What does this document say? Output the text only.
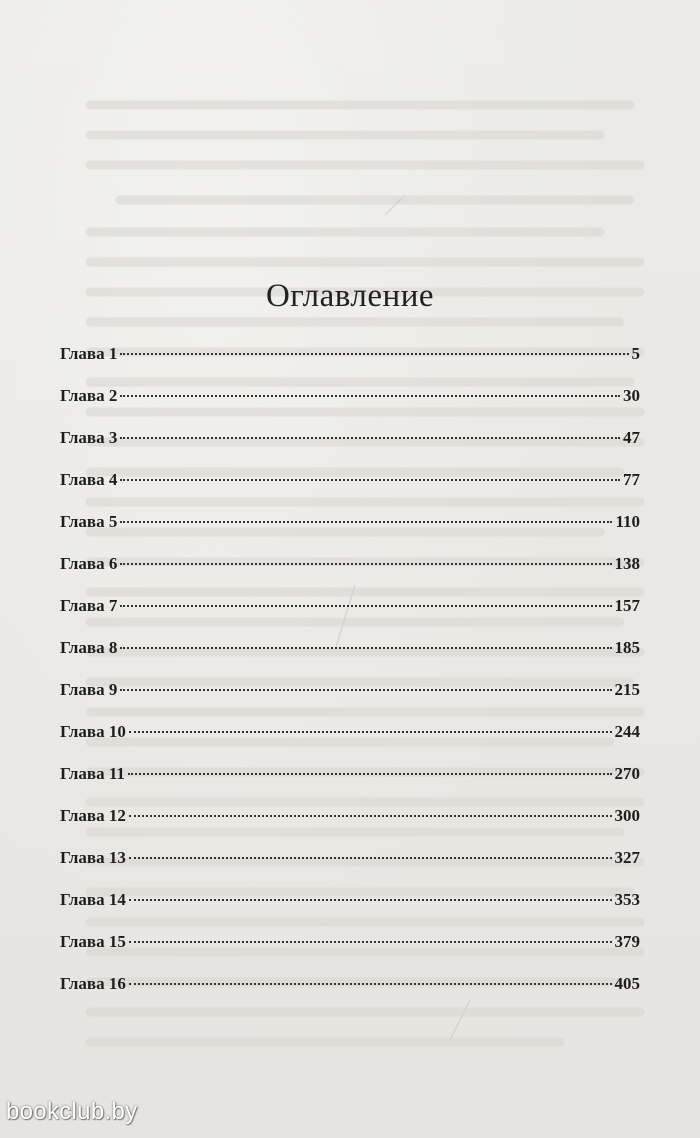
Оглавление
Глава 1	5
Глава 2	30
Глава 3	47
Глава 4	77
Глава 5	110
Глава 6	138
Глава 7	157
Глава 8	185
Глава 9	215
Глава 10	244
Глава 11	270
Глава 12	300
Глава 13	327
Глава 14	353
Глава 15	379
Глава 16	405
bookclub.by
